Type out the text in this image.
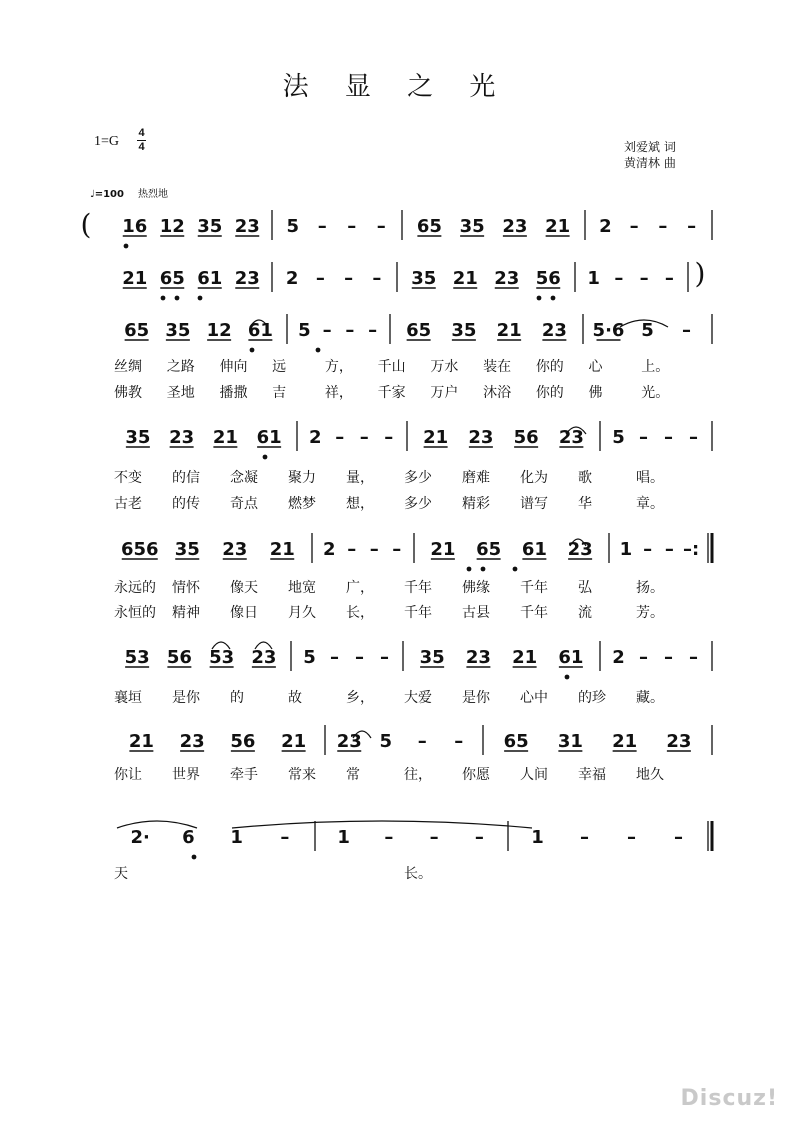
法 显 之 光
1=G
4
4	刘爱斌 词
黄清林 曲
♩=100 热烈地
( 16 12 35 23 5 – – – 65 35 23 21 2 – – –
)
21 65 61 23 2 – – – 35 21 23 56 1 – – –
65 35 12 61 5 – – – 65 35 21 23 5·6 5 –
丝绸 之路 伸向 远	方， 千山 万水 装在 你的 心	上。
佛教 圣地 播撒 吉	祥， 千家 万户 沐浴 你的 佛	光。
35 23 21 61 2 – – – 21 23 56 23 5 – – –
不变 的信 念凝 聚力 量， 多少 磨难 化为 歌	唱。
古老 的传 奇点 燃梦 想， 多少 精彩 谱写 华	章。
656 35 23 21 2 – – – 21 65 61 23 1 – – –:
永远的 情怀 像天 地宽 广， 千年 佛缘 千年 弘	扬。
永恒的 精神 像日 月久 长， 千年 古县 千年 流	芳。
53 56 53 23 5 – – – 35 23 21 61 2 – – –
襄垣 是你 的	故	乡， 大爱 是你 心中 的珍 藏。
21 23 56 21 23 5 – – 65 31 21 23
你让 世界 牵手 常来 常	往， 你愿 人间 幸福 地久
2· 6 1 –	1 – – –	1 – – –
天	长。
Discuz!
